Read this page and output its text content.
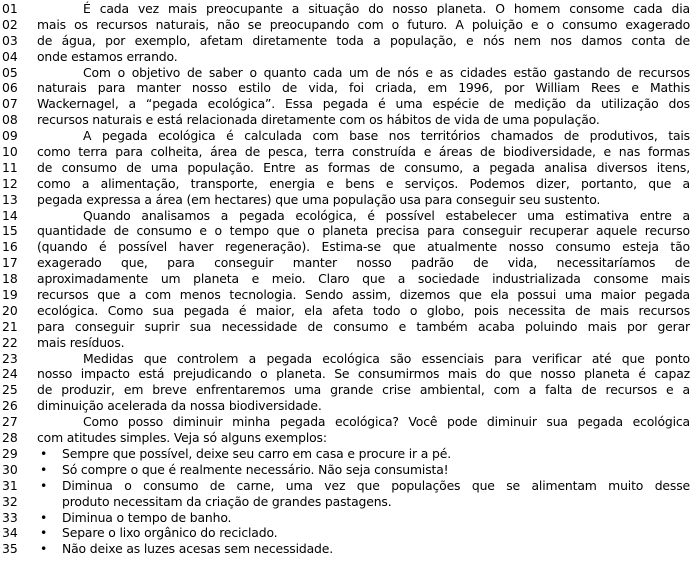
01	É cada vez mais preocupante a situação do nosso planeta. O homem consome cada dia
02	mais os recursos naturais, não se preocupando com o futuro. A poluição e o consumo exagerado
03	de água, por exemplo, afetam diretamente toda a população, e nós nem nos damos conta de
04	onde estamos errando.
05	Com o objetivo de saber o quanto cada um de nós e as cidades estão gastando de recursos
06	naturais para manter nosso estilo de vida, foi criada, em 1996, por William Rees e Mathis
07	Wackernagel, a “pegada ecológica”. Essa pegada é uma espécie de medição da utilização dos
08	recursos naturais e está relacionada diretamente com os hábitos de vida de uma população.
09	A pegada ecológica é calculada com base nos territórios chamados de produtivos, tais
10	como terra para colheita, área de pesca, terra construída e áreas de biodiversidade, e nas formas
11	de consumo de uma população. Entre as formas de consumo, a pegada analisa diversos itens,
12	como a alimentação, transporte, energia e bens e serviços. Podemos dizer, portanto, que a
13	pegada expressa a área (em hectares) que uma população usa para conseguir seu sustento.
14	Quando analisamos a pegada ecológica, é possível estabelecer uma estimativa entre a
15	quantidade de consumo e o tempo que o planeta precisa para conseguir recuperar aquele recurso
16	(quando é possível haver regeneração). Estima-se que atualmente nosso consumo esteja tão
17	exagerado que, para conseguir manter nosso padrão de vida, necessitaríamos de
18	aproximadamente um planeta e meio. Claro que a sociedade industrializada consome mais
19	recursos que a com menos tecnologia. Sendo assim, dizemos que ela possui uma maior pegada
20	ecológica. Como sua pegada é maior, ela afeta todo o globo, pois necessita de mais recursos
21	para conseguir suprir sua necessidade de consumo e também acaba poluindo mais por gerar
22	mais resíduos.
23	Medidas que controlem a pegada ecológica são essenciais para verificar até que ponto
24	nosso impacto está prejudicando o planeta. Se consumirmos mais do que nosso planeta é capaz
25	de produzir, em breve enfrentaremos uma grande crise ambiental, com a falta de recursos e a
26	diminuição acelerada da nossa biodiversidade.
27	Como posso diminuir minha pegada ecológica? Você pode diminuir sua pegada ecológica
28	com atitudes simples. Veja só alguns exemplos:
29	• Sempre que possível, deixe seu carro em casa e procure ir a pé.
30	• Só compre o que é realmente necessário. Não seja consumista!
31	• Diminua o consumo de carne, uma vez que populações que se alimentam muito desse
32	produto necessitam da criação de grandes pastagens.
33	• Diminua o tempo de banho.
34	• Separe o lixo orgânico do reciclado.
35	• Não deixe as luzes acesas sem necessidade.
